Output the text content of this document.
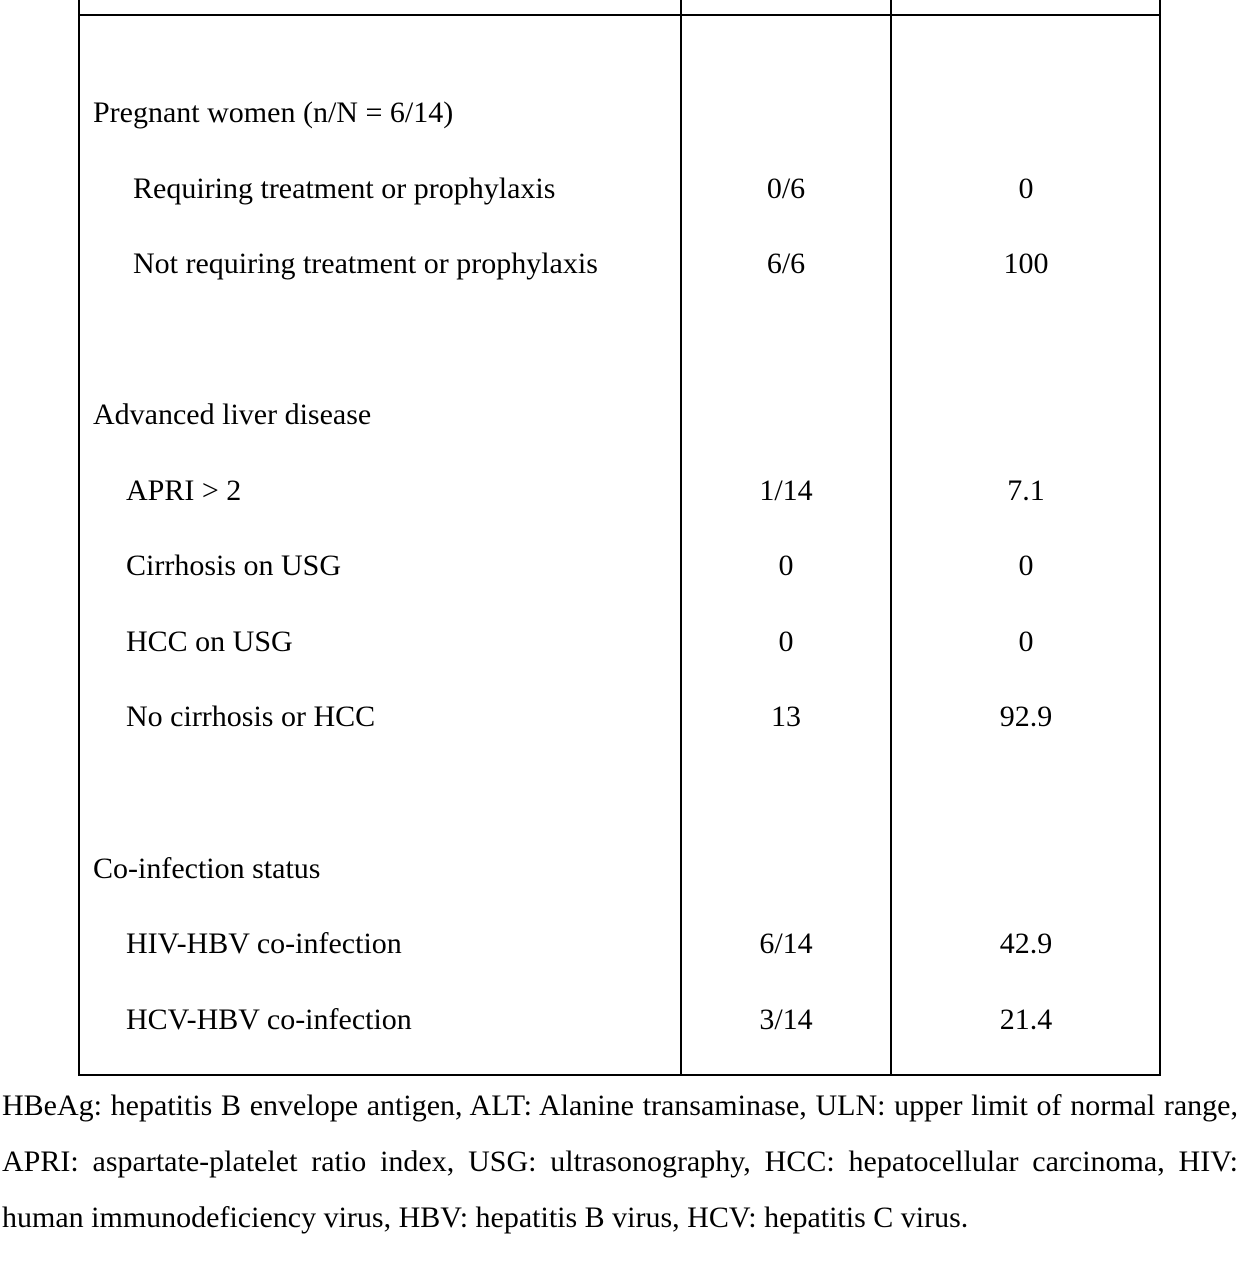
Pregnant women (n/N = 6/14)
Requiring treatment or prophylaxis	0/6	0
Not requiring treatment or prophylaxis	6/6	100
Advanced liver disease
APRI > 2	1/14	7.1
Cirrhosis on USG	0	0
HCC on USG	0	0
No cirrhosis or HCC	13	92.9
Co-infection status
HIV-HBV co-infection	6/14	42.9
HCV-HBV co-infection	3/14	21.4
HBeAg: hepatitis B envelope antigen, ALT: Alanine transaminase, ULN: upper limit of normal range, APRI: aspartate-platelet ratio index, USG: ultrasonography, HCC: hepatocellular carcinoma, HIV: human immunodeficiency virus, HBV: hepatitis B virus, HCV: hepatitis C virus.
